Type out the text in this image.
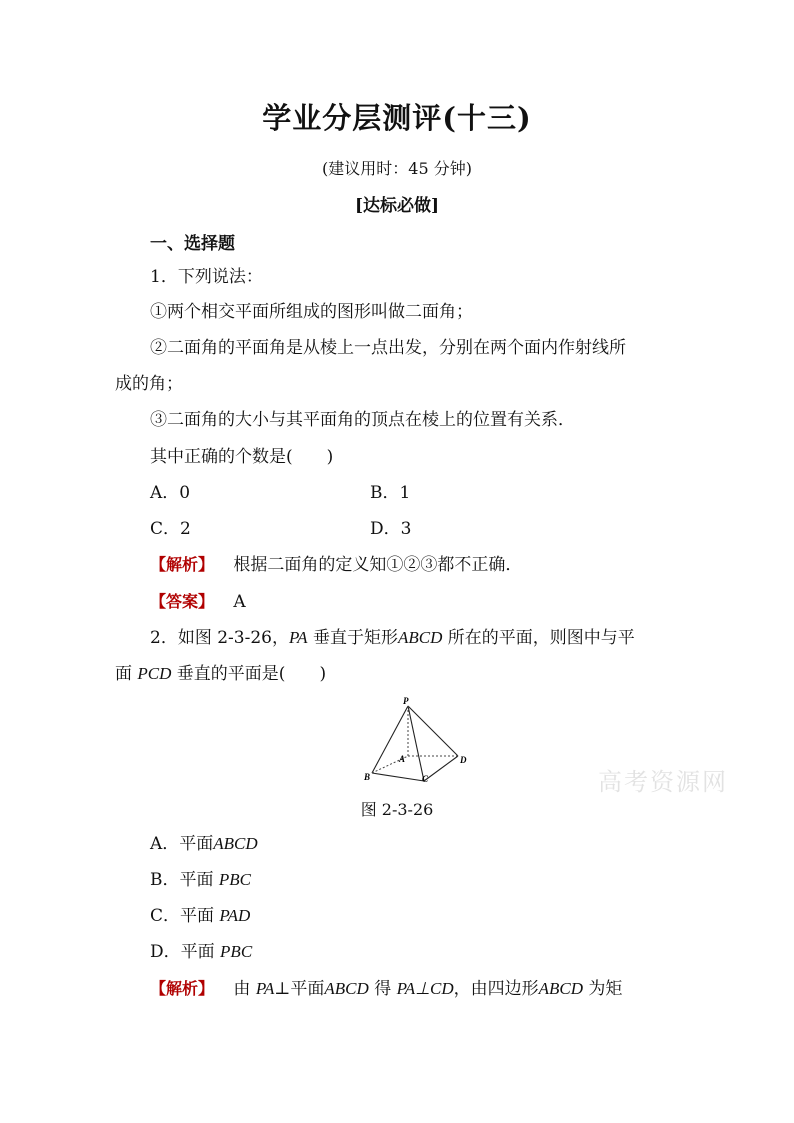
学业分层测评(十三)
(建议用时：45 分钟)
[达标必做]
一、选择题
1．下列说法：
①两个相交平面所组成的图形叫做二面角；
②二面角的平面角是从棱上一点出发，分别在两个面内作射线所
成的角；
③二面角的大小与其平面角的顶点在棱上的位置有关系．
其中正确的个数是(　　)
A．0	B．1
C．2	D．3
【解析】 根据二面角的定义知①②③都不正确．
【答案】 A
2．如图 2-3-26，PA 垂直于矩形ABCD 所在的平面，则图中与平
面 PCD 垂直的平面是(　　)
P
A
B	C
D
图 2-3-26
高考资源网
A．平面ABCD
B．平面 PBC
C．平面 PAD
D．平面 PBC
【解析】 由 PA⊥平面ABCD 得 PA⊥CD，由四边形ABCD 为矩
